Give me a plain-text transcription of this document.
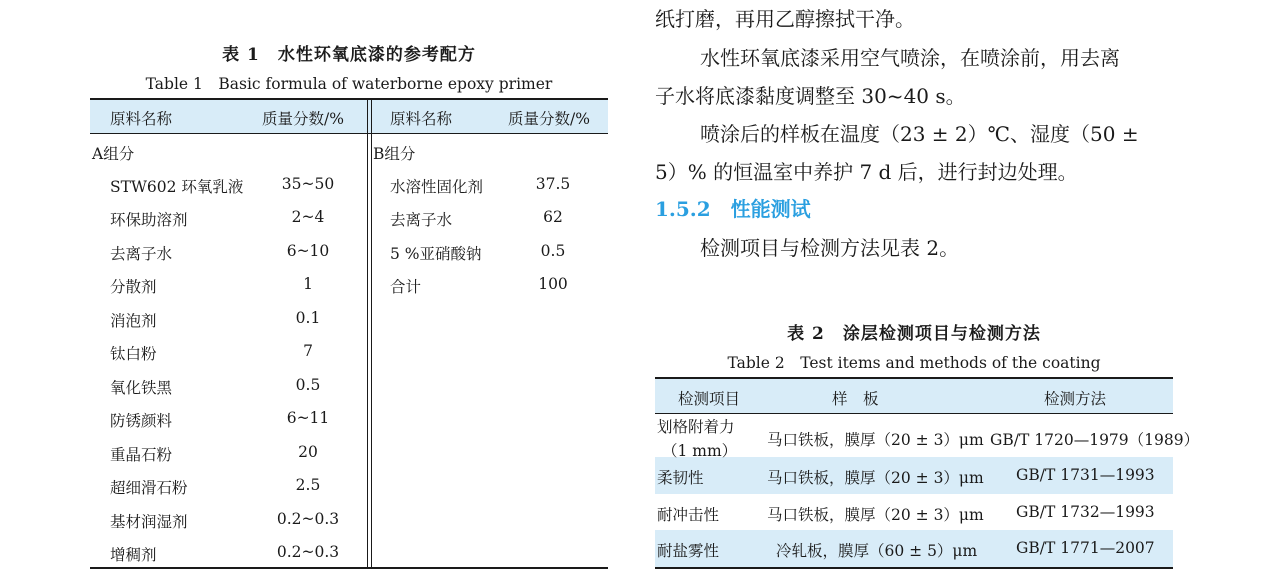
表 1　水性环氧底漆的参考配方
Table 1　Basic formula of waterborne epoxy primer
原料名称	质量分数/%	原料名称	质量分数/%
A组分	B组分
STW602 环氧乳液	35~50
环保助溶剂	2~4
去离子水	6~10
分散剂	1
消泡剂	0.1
钛白粉	7
氧化铁黑	0.5
防锈颜料	6~11
重晶石粉	20
超细滑石粉	2.5
基材润湿剂	0.2~0.3
增稠剂	0.2~0.3
水溶性固化剂	37.5
去离子水	62
5 %亚硝酸钠	0.5
合计	100
纸打磨，再用乙醇擦拭干净。
水性环氧底漆采用空气喷涂，在喷涂前，用去离
子水将底漆黏度调整至 30~40 s。
喷涂后的样板在温度（23 ± 2）℃、湿度（50 ±
5）% 的恒温室中养护 7 d 后，进行封边处理。
1.5.2　性能测试
检测项目与检测方法见表 2。
表 2　涂层检测项目与检测方法
Table 2　Test items and methods of the coating
检测项目	样　板	检测方法
划格附着力
（1 mm）
马口铁板，膜厚（20 ± 3）μm GB/T 1720—1979（1989）
柔韧性	马口铁板，膜厚（20 ± 3）μm GB/T 1731—1993
耐冲击性	马口铁板，膜厚（20 ± 3）μm GB/T 1732—1993
耐盐雾性	冷轧板，膜厚（60 ± 5）μm	GB/T 1771—2007
